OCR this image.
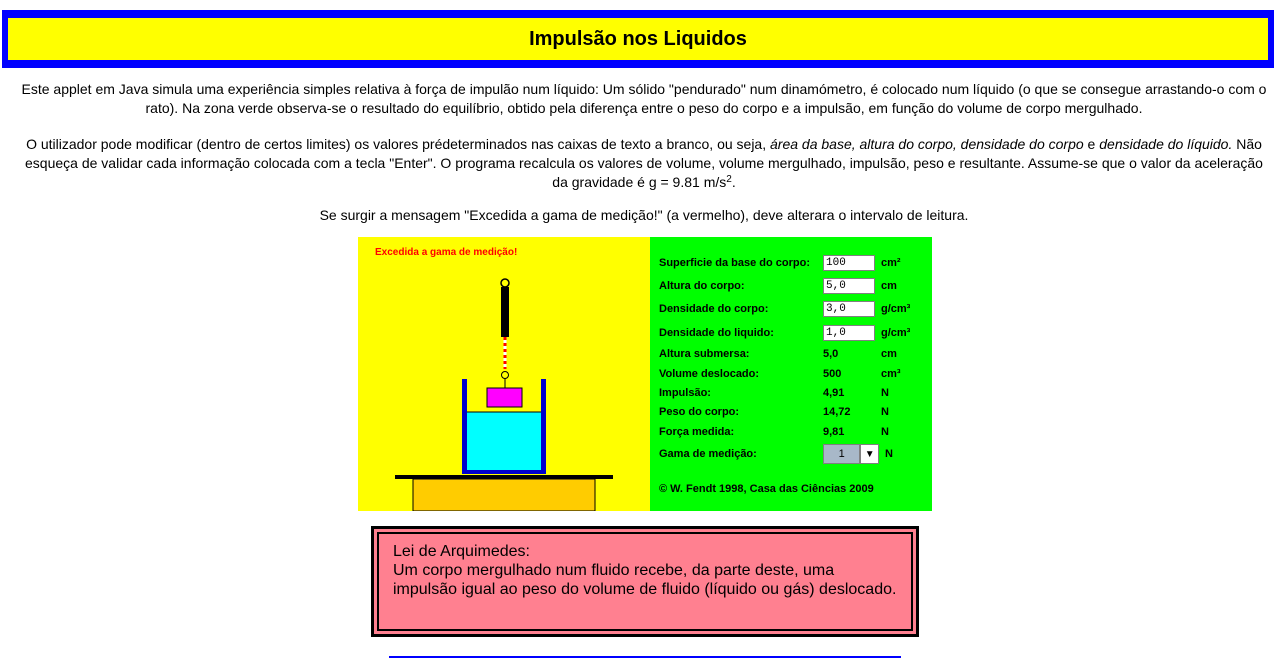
Impulsão nos Liquidos
Este applet em Java simula uma experiência simples relativa à força de impulão num líquido: Um sólido "pendurado" num dinamómetro, é colocado num líquido (o que se consegue arrastando-o com o rato). Na zona verde observa-se o resultado do equilíbrio, obtido pela diferença entre o peso do corpo e a impulsão, em função do volume de corpo mergulhado.
O utilizador pode modificar (dentro de certos limites) os valores prédeterminados nas caixas de texto a branco, ou seja, área da base, altura do corpo, densidade do corpo e densidade do líquido. Não esqueça de validar cada informação colocada com a tecla "Enter". O programa recalcula os valores de volume, volume mergulhado, impulsão, peso e resultante. Assume-se que o valor da aceleração da gravidade é g = 9.81 $m/s^2$.
Se surgir a mensagem "Excedida a gama de medição!" (a vermelho), deve alterara o intervalo de leitura.
Excedida a gama de medição!
Superficie da base do corpo:
100	cm²
Altura do corpo:
5,0	cm
Densidade do corpo:
3,0	g/cm³
Densidade do liquido:
1,0	g/cm³
Altura submersa:	5,0	cm
Volume deslocado:	500	cm³
Impulsão:	4,91	N
Peso do corpo:	14,72	N
Força medida:	9,81	N
Gama de medição:	1	▼ N
© W. Fendt 1998, Casa das Ciências 2009
Lei de Arquimedes:
Um corpo mergulhado num fluido recebe, da parte deste, uma impulsão igual ao peso do volume de fluido (líquido ou gás) deslocado.
